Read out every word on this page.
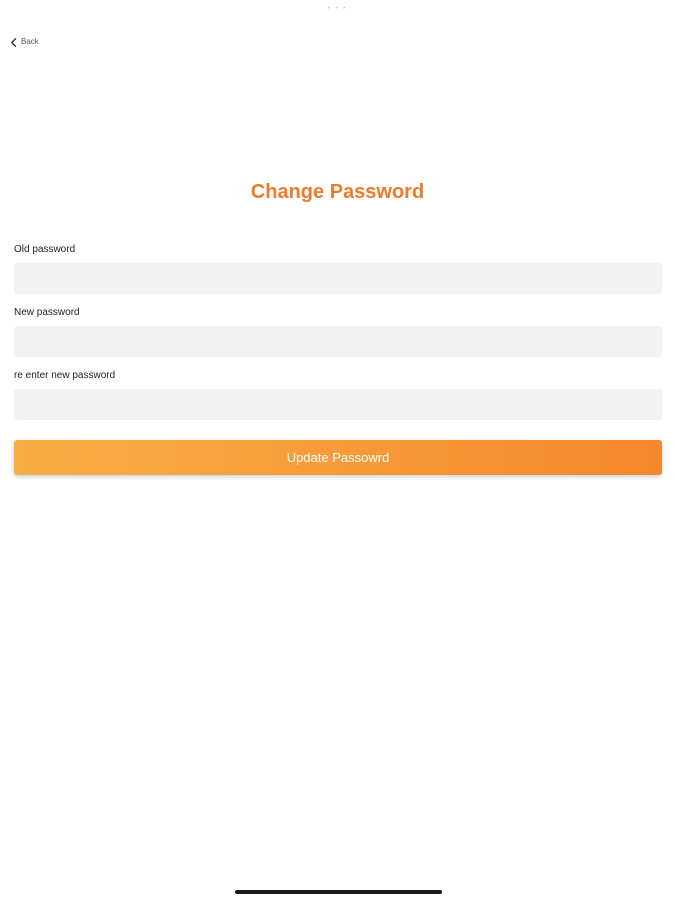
• • •
Back
Change Password
Old password
New password
re enter new password
Update Passowrd
